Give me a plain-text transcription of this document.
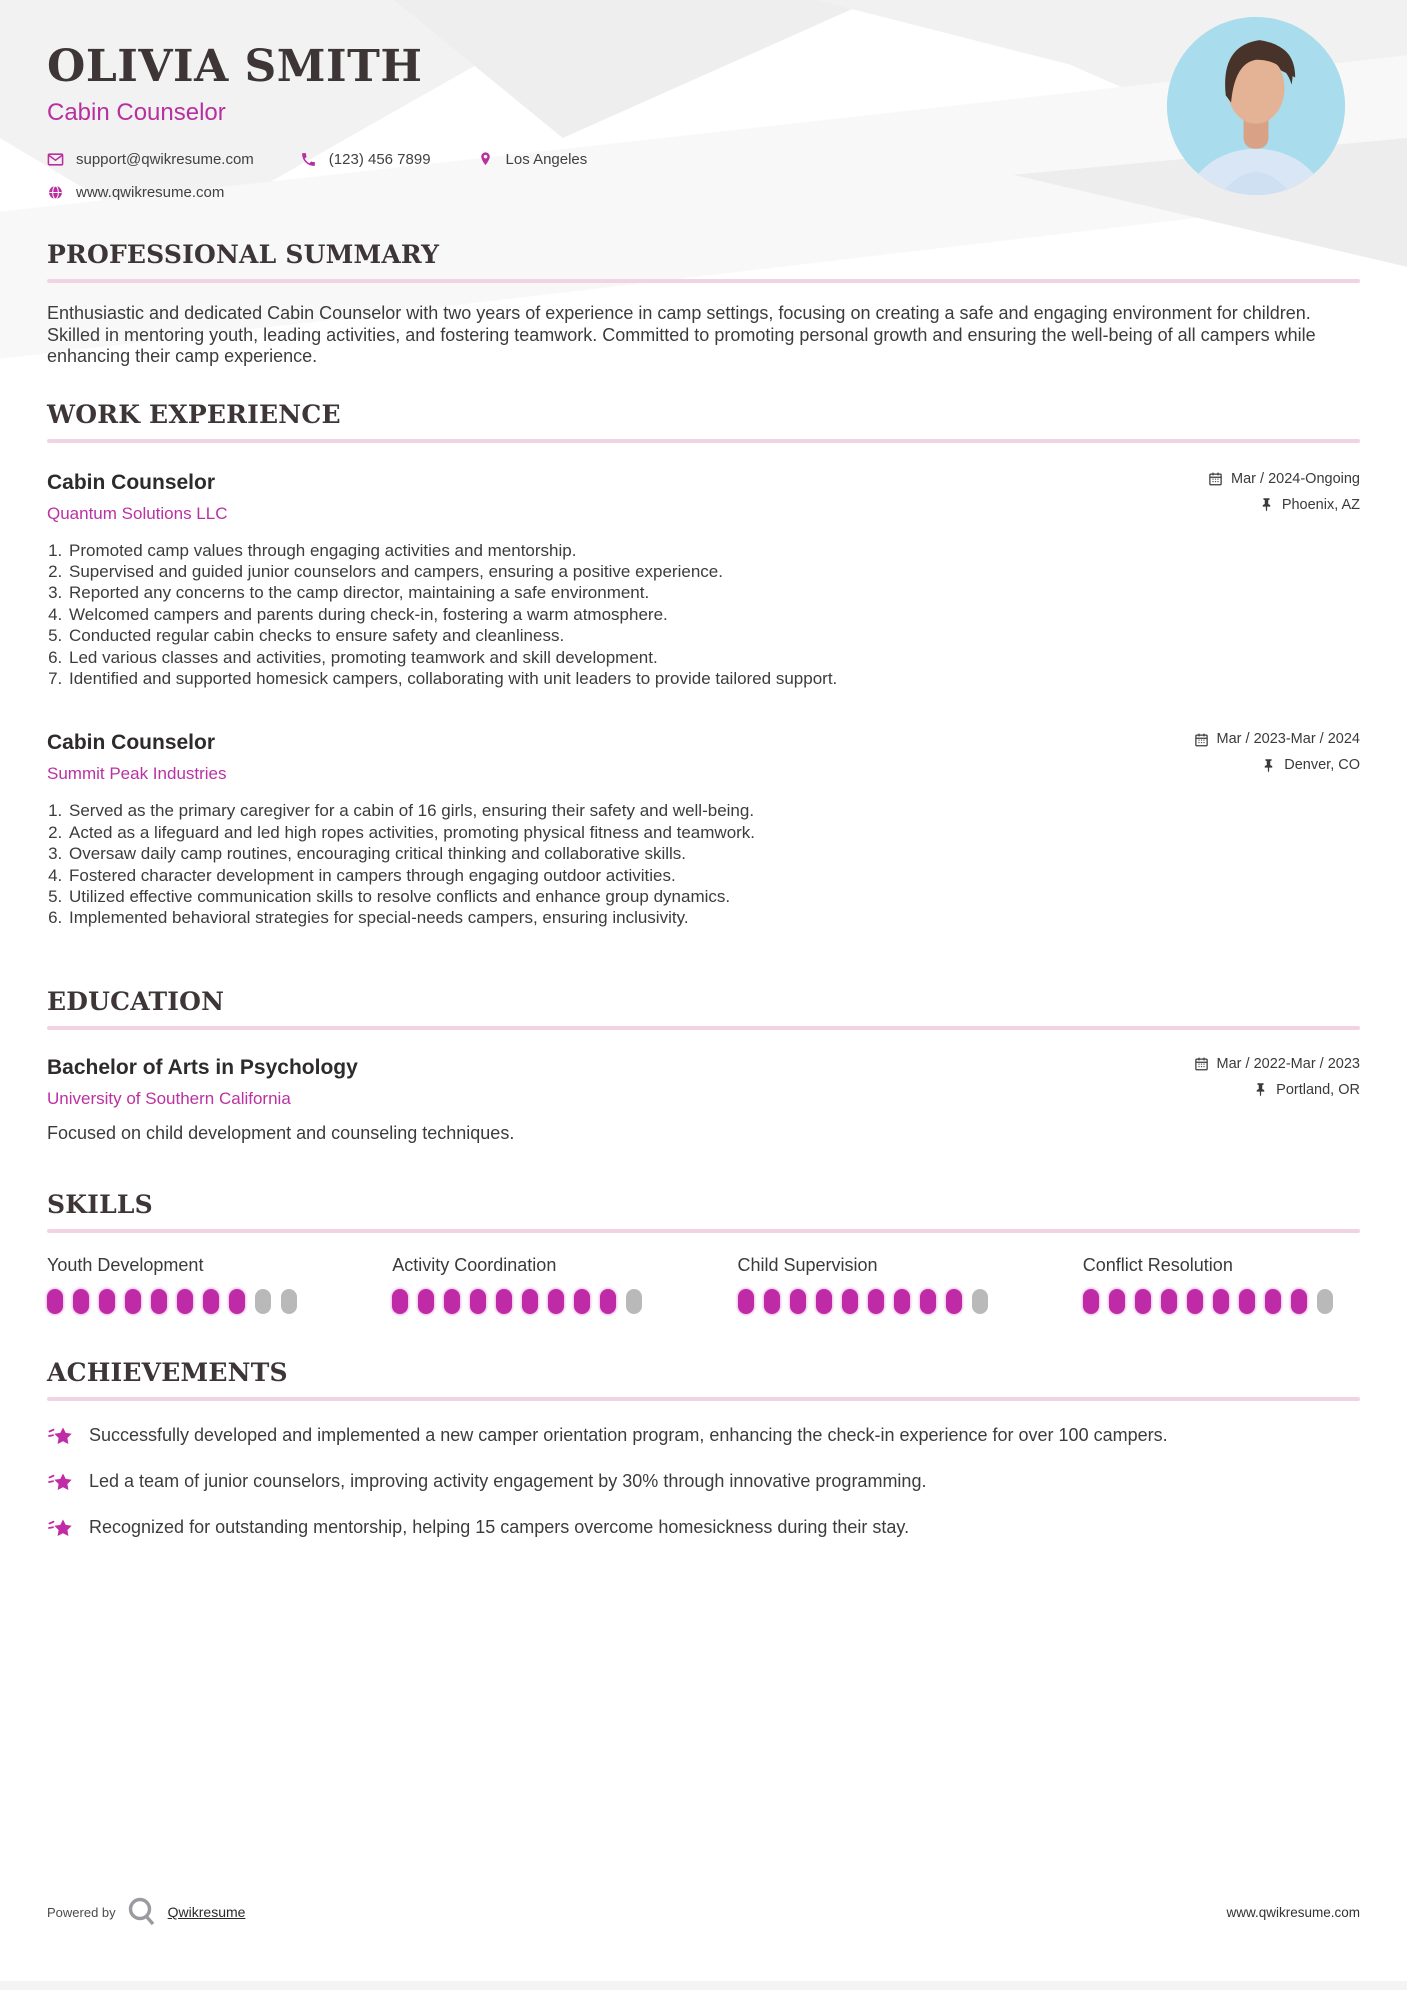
OLIVIA SMITH
Cabin Counselor
support@qwikresume.com	(123) 456 7899	Los Angeles
www.qwikresume.com
PROFESSIONAL SUMMARY

Enthusiastic and dedicated Cabin Counselor with two years of experience in camp settings, focusing on creating a safe and engaging environment for children. Skilled in mentoring youth, leading activities, and fostering teamwork. Committed to promoting personal growth and ensuring the well-being of all campers while enhancing their camp experience.

WORK EXPERIENCE
Cabin Counselor
Quantum Solutions LLC
Mar / 2024-Ongoing
Phoenix, AZ
1. Promoted camp values through engaging activities and mentorship.
2. Supervised and guided junior counselors and campers, ensuring a positive experience.
3. Reported any concerns to the camp director, maintaining a safe environment.
4. Welcomed campers and parents during check-in, fostering a warm atmosphere.
5. Conducted regular cabin checks to ensure safety and cleanliness.
6. Led various classes and activities, promoting teamwork and skill development.
7. Identified and supported homesick campers, collaborating with unit leaders to provide tailored support.
Cabin Counselor
Summit Peak Industries
Mar / 2023-Mar / 2024
Denver, CO
1. Served as the primary caregiver for a cabin of 16 girls, ensuring their safety and well-being.
2. Acted as a lifeguard and led high ropes activities, promoting physical fitness and teamwork.
3. Oversaw daily camp routines, encouraging critical thinking and collaborative skills.
4. Fostered character development in campers through engaging outdoor activities.
5. Utilized effective communication skills to resolve conflicts and enhance group dynamics.
6. Implemented behavioral strategies for special-needs campers, ensuring inclusivity.
EDUCATION
Bachelor of Arts in Psychology
University of Southern California
Mar / 2022-Mar / 2023
Portland, OR

Focused on child development and counseling techniques.

SKILLS
Youth Development	Activity Coordination	Child Supervision	Conflict Resolution
ACHIEVEMENTS
Successfully developed and implemented a new camper orientation program, enhancing the check-in experience for over 100 campers.
Led a team of junior counselors, improving activity engagement by 30% through innovative programming.
Recognized for outstanding mentorship, helping 15 campers overcome homesickness during their stay.
Powered by	Qwikresume	www.qwikresume.com
